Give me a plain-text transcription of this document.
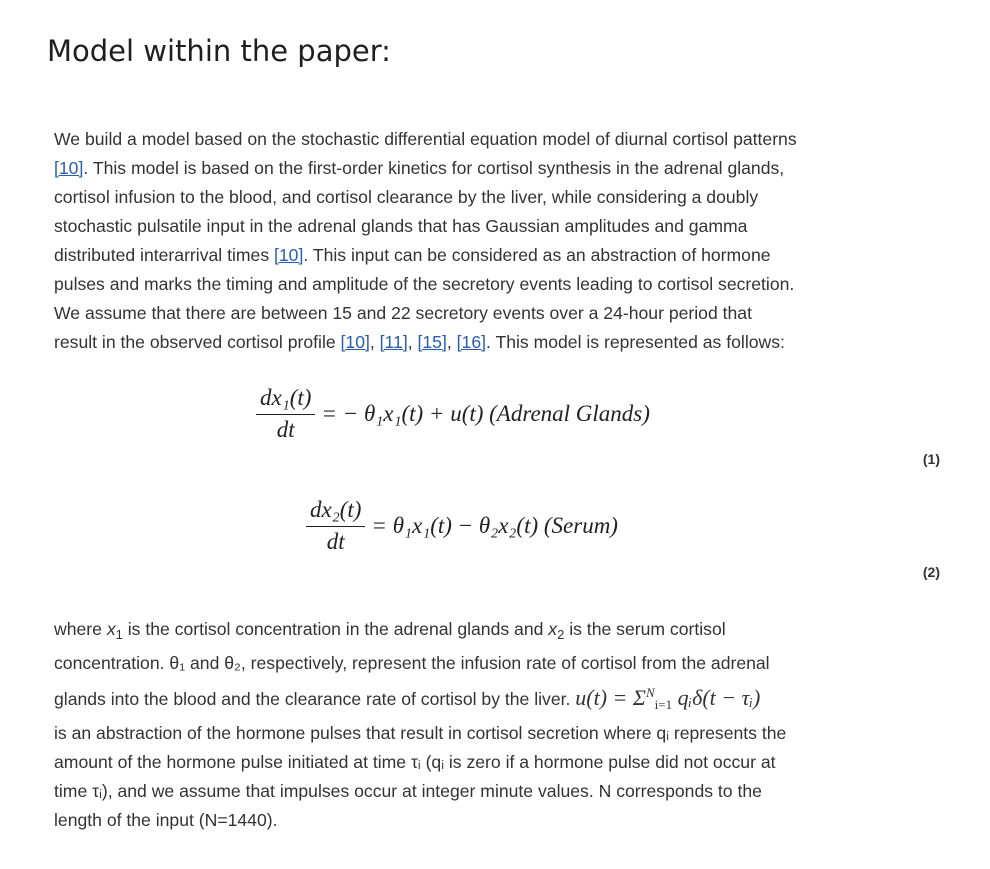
Model within the paper:
We build a model based on the stochastic differential equation model of diurnal cortisol patterns
[10]. This model is based on the first-order kinetics for cortisol synthesis in the adrenal glands,
cortisol infusion to the blood, and cortisol clearance by the liver, while considering a doubly
stochastic pulsatile input in the adrenal glands that has Gaussian amplitudes and gamma
distributed interarrival times [10]. This input can be considered as an abstraction of hormone
pulses and marks the timing and amplitude of the secretory events leading to cortisol secretion.
We assume that there are between 15 and 22 secretory events over a 24-hour period that
result in the observed cortisol profile [10], [11], [15], [16]. This model is represented as follows:
$\frac{\text{dx₁(t)}}{dt}$ = − θ₁x₁(t) + u(t) (Adrenal Glands)
(1)
$\frac{\text{dx₂(t)}}{dt} = \theta_1x_1(t) - \theta_2x_2(t)$ (Serum)
(2)
where $x_1$ is the cortisol concentration in the adrenal glands and $x_2$ is the serum cortisol
concentration. θ₁ and θ₂, respectively, represent the infusion rate of cortisol from the adrenal
glands into the blood and the clearance rate of cortisol by the liver. $u(t) = \Sigma^N_{i=1}$ qᵢδ(t − τᵢ)
is an abstraction of the hormone pulses that result in cortisol secretion where qᵢ represents the
amount of the hormone pulse initiated at time τᵢ (qᵢ is zero if a hormone pulse did not occur at
time τᵢ), and we assume that impulses occur at integer minute values. N corresponds to the
length of the input (N=1440).
